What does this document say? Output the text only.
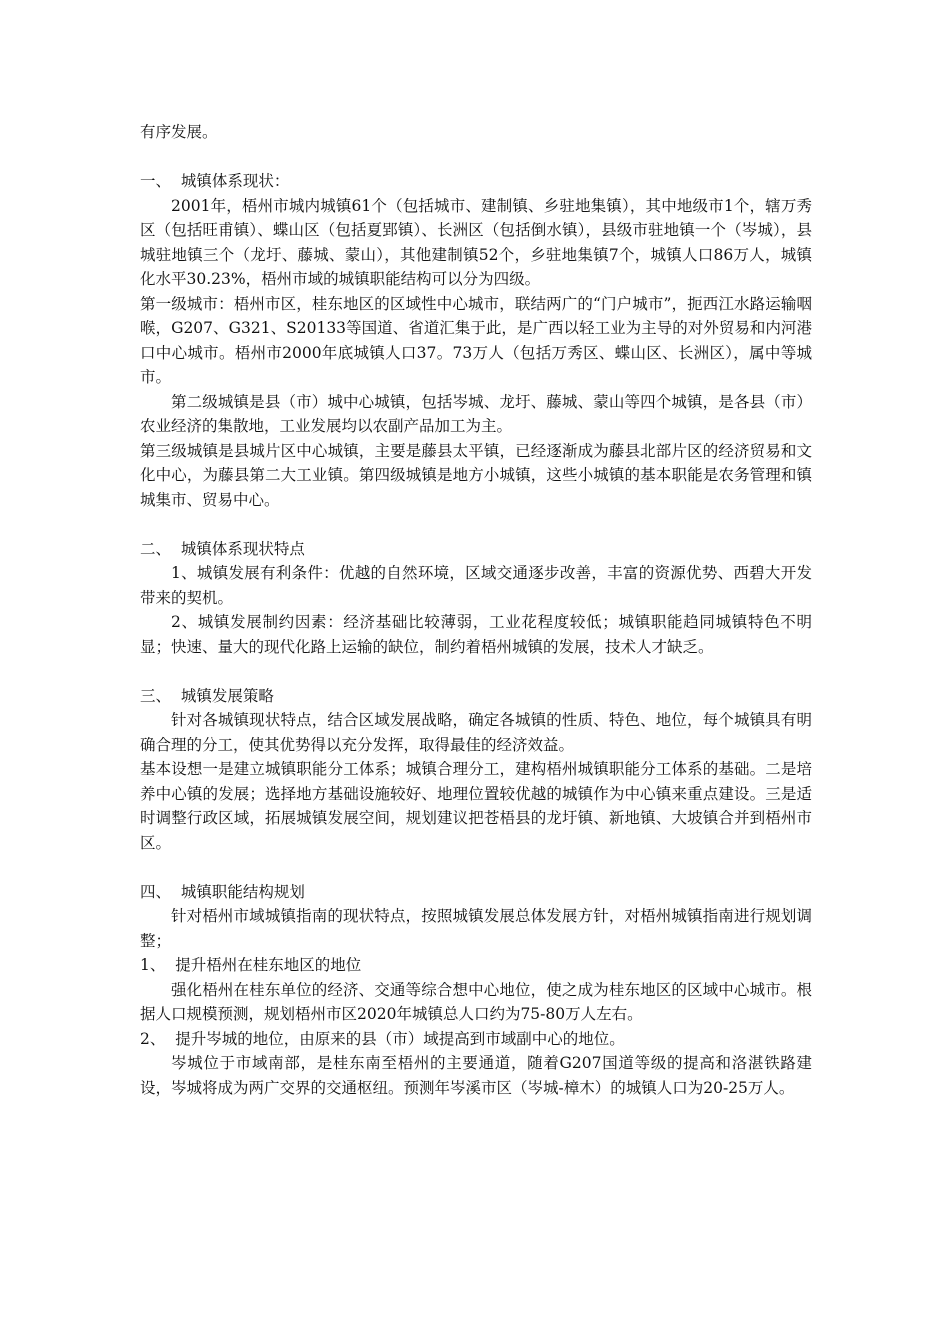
有序发展。

一、  城镇体系现状：

2001年，梧州市城内城镇61个（包括城市、建制镇、乡驻地集镇），其中地级市1个，辖万秀区（包括旺甫镇）、蝶山区（包括夏郢镇）、长洲区（包括倒水镇），县级市驻地镇一个（岑城），县城驻地镇三个（龙圩、藤城、蒙山），其他建制镇52个，乡驻地集镇7个，城镇人口86万人，城镇化水平30.23%，梧州市域的城镇职能结构可以分为四级。

第一级城市：梧州市区，桂东地区的区域性中心城市，联结两广的“门户城市”，扼西江水路运输咽喉，G207、G321、S20133等国道、省道汇集于此，是广西以轻工业为主导的对外贸易和内河港口中心城市。梧州市2000年底城镇人口37。73万人（包括万秀区、蝶山区、长洲区），属中等城市。

第二级城镇是县（市）城中心城镇，包括岑城、龙圩、藤城、蒙山等四个城镇，是各县（市）农业经济的集散地，工业发展均以农副产品加工为主。

第三级城镇是县城片区中心城镇，主要是藤县太平镇，已经逐渐成为藤县北部片区的经济贸易和文化中心，为藤县第二大工业镇。第四级城镇是地方小城镇，这些小城镇的基本职能是农务管理和镇城集市、贸易中心。

二、  城镇体系现状特点

1、城镇发展有利条件：优越的自然环境，区域交通逐步改善，丰富的资源优势、西碧大开发带来的契机。

2、城镇发展制约因素：经济基础比较薄弱，工业花程度较低；城镇职能趋同城镇特色不明显；快速、量大的现代化路上运输的缺位，制约着梧州城镇的发展，技术人才缺乏。

三、  城镇发展策略

针对各城镇现状特点，结合区域发展战略，确定各城镇的性质、特色、地位，每个城镇具有明确合理的分工，使其优势得以充分发挥，取得最佳的经济效益。

基本设想一是建立城镇职能分工体系；城镇合理分工，建构梧州城镇职能分工体系的基础。二是培养中心镇的发展；选择地方基础设施较好、地理位置较优越的城镇作为中心镇来重点建设。三是适时调整行政区域，拓展城镇发展空间，规划建议把苍梧县的龙圩镇、新地镇、大坡镇合并到梧州市区。

四、  城镇职能结构规划

针对梧州市域城镇指南的现状特点，按照城镇发展总体发展方针，对梧州城镇指南进行规划调整；

1、  提升梧州在桂东地区的地位

强化梧州在桂东单位的经济、交通等综合想中心地位，使之成为桂东地区的区域中心城市。根据人口规模预测，规划梧州市区2020年城镇总人口约为75-80万人左右。

2、  提升岑城的地位，由原来的县（市）域提高到市域副中心的地位。

岑城位于市域南部，是桂东南至梧州的主要通道，随着G207国道等级的提高和洛湛铁路建设，岑城将成为两广交界的交通枢纽。预测年岑溪市区（岑城-樟木）的城镇人口为20-25万人。
